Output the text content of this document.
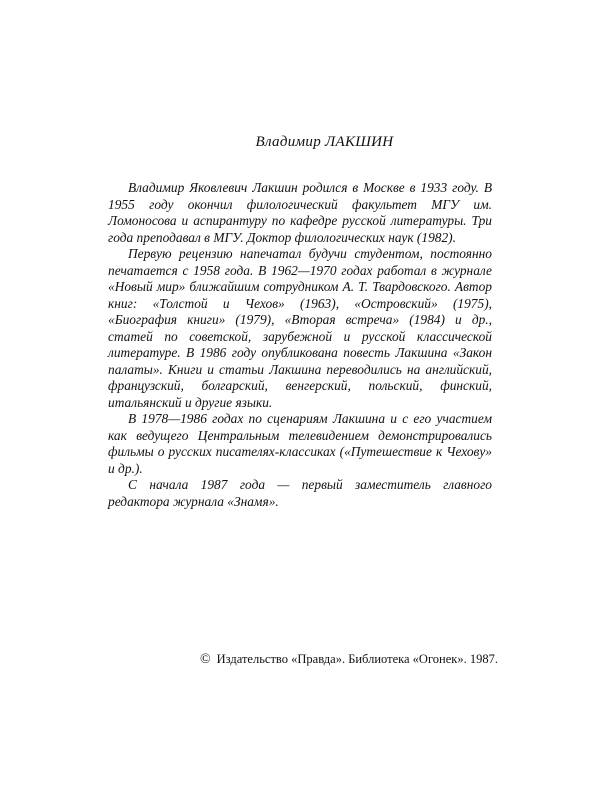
Владимир ЛАКШИН

Владимир Яковлевич Лакшин родился в Москве в 1933 году. В 1955 году окончил филологический факультет МГУ им. Ломоносова и аспирантуру по кафедре русской литературы. Три года преподавал в МГУ. Доктор филологических наук (1982).

Первую рецензию напечатал будучи студентом, постоянно печатается с 1958 года. В 1962—1970 годах работал в журнале «Новый мир» ближайшим сотрудником А. Т. Твардовского. Автор книг: «Толстой и Чехов» (1963), «Островский» (1975), «Биография книги» (1979), «Вторая встреча» (1984) и др., статей по советской, зарубежной и русской классической литературе. В 1986 году опубликована повесть Лакшина «Закон палаты». Книги и статьи Лакшина переводились на английский, французский, болгарский, венгерский, польский, финский, итальянский и другие языки.

В 1978—1986 годах по сценариям Лакшина и с его участием как ведущего Центральным телевидением демонстрировались фильмы о русских писателях-классиках («Путешествие к Чехову» и др.).

С начала 1987 года — первый заместитель главного редактора журнала «Знамя».

© Издательство «Правда». Библиотека «Огонек». 1987.
